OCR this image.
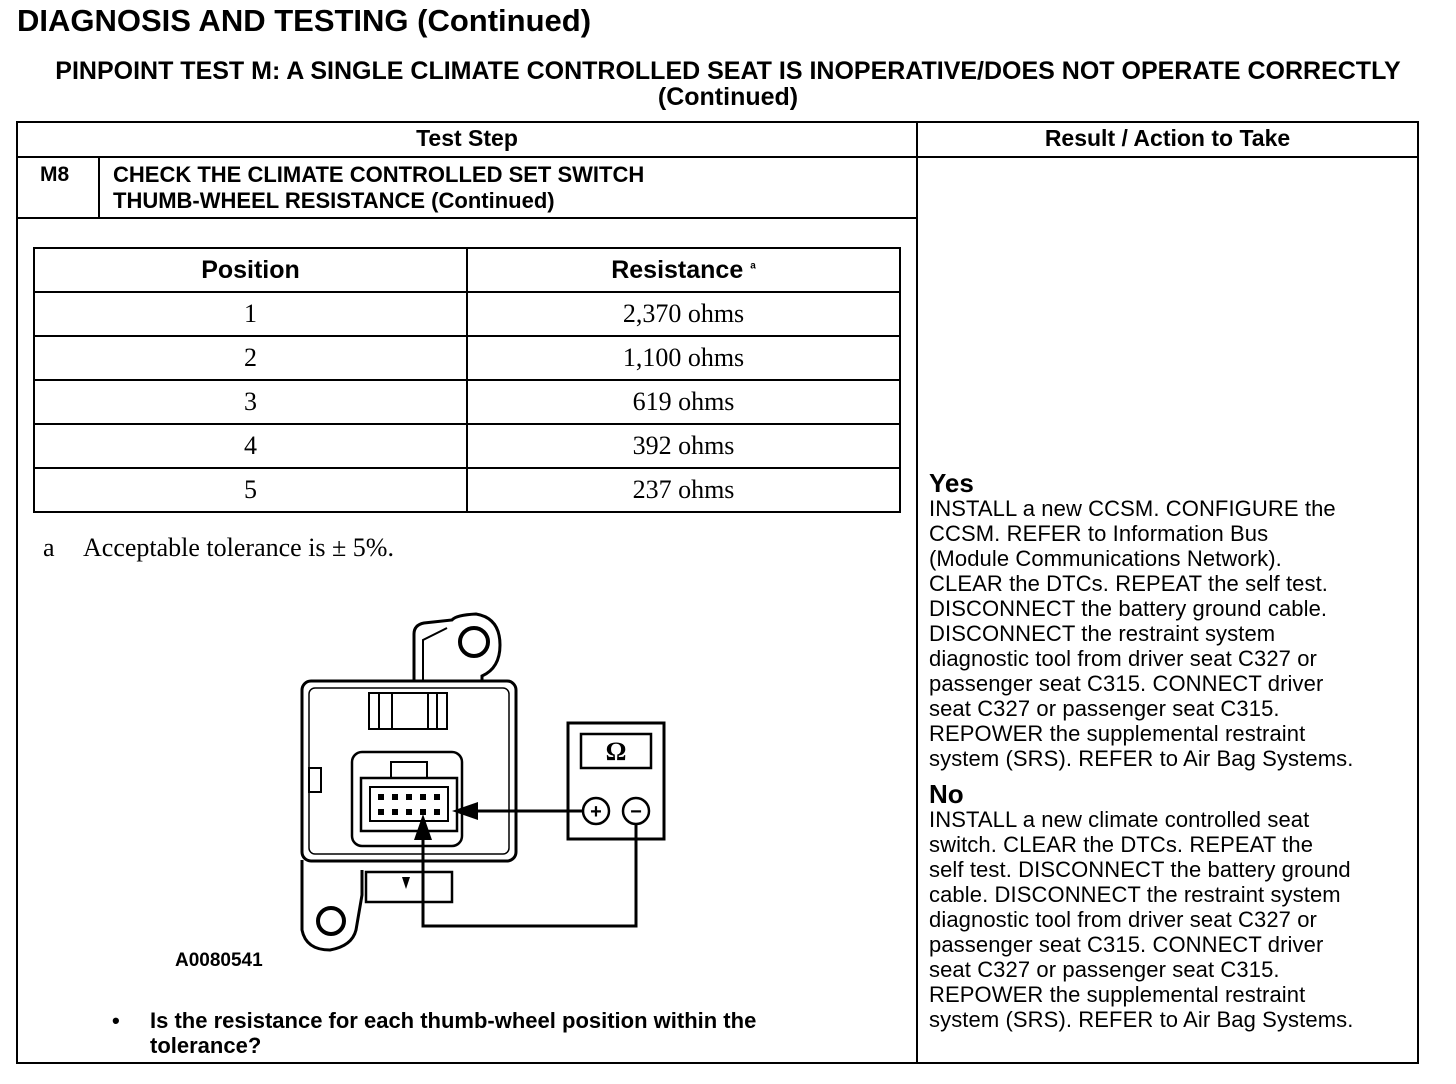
DIAGNOSIS AND TESTING (Continued)
PINPOINT TEST M: A SINGLE CLIMATE CONTROLLED SEAT IS INOPERATIVE/DOES NOT OPERATE CORRECTLY (Continued)
Test Step	Result / Action to Take
M8 CHECK THE CLIMATE CONTROLLED SET SWITCH
THUMB-WHEEL RESISTANCE (Continued)
Position	Resistance $^a$
1	2,370 ohms
2	1,100 ohms
3	619 ohms
4	392 ohms
5	237 ohms
a Acceptable tolerance is ± 5%.
Ω
+ −
A0080541
• Is the resistance for each thumb-wheel position within the
tolerance?
Yes
INSTALL a new CCSM. CONFIGURE the
CCSM. REFER to Information Bus
(Module Communications Network).
CLEAR the DTCs. REPEAT the self test.
DISCONNECT the battery ground cable.
DISCONNECT the restraint system
diagnostic tool from driver seat C327 or
passenger seat C315. CONNECT driver
seat C327 or passenger seat C315.
REPOWER the supplemental restraint
system (SRS). REFER to Air Bag Systems.
No
INSTALL a new climate controlled seat
switch. CLEAR the DTCs. REPEAT the
self test. DISCONNECT the battery ground
cable. DISCONNECT the restraint system
diagnostic tool from driver seat C327 or
passenger seat C315. CONNECT driver
seat C327 or passenger seat C315.
REPOWER the supplemental restraint
system (SRS). REFER to Air Bag Systems.
